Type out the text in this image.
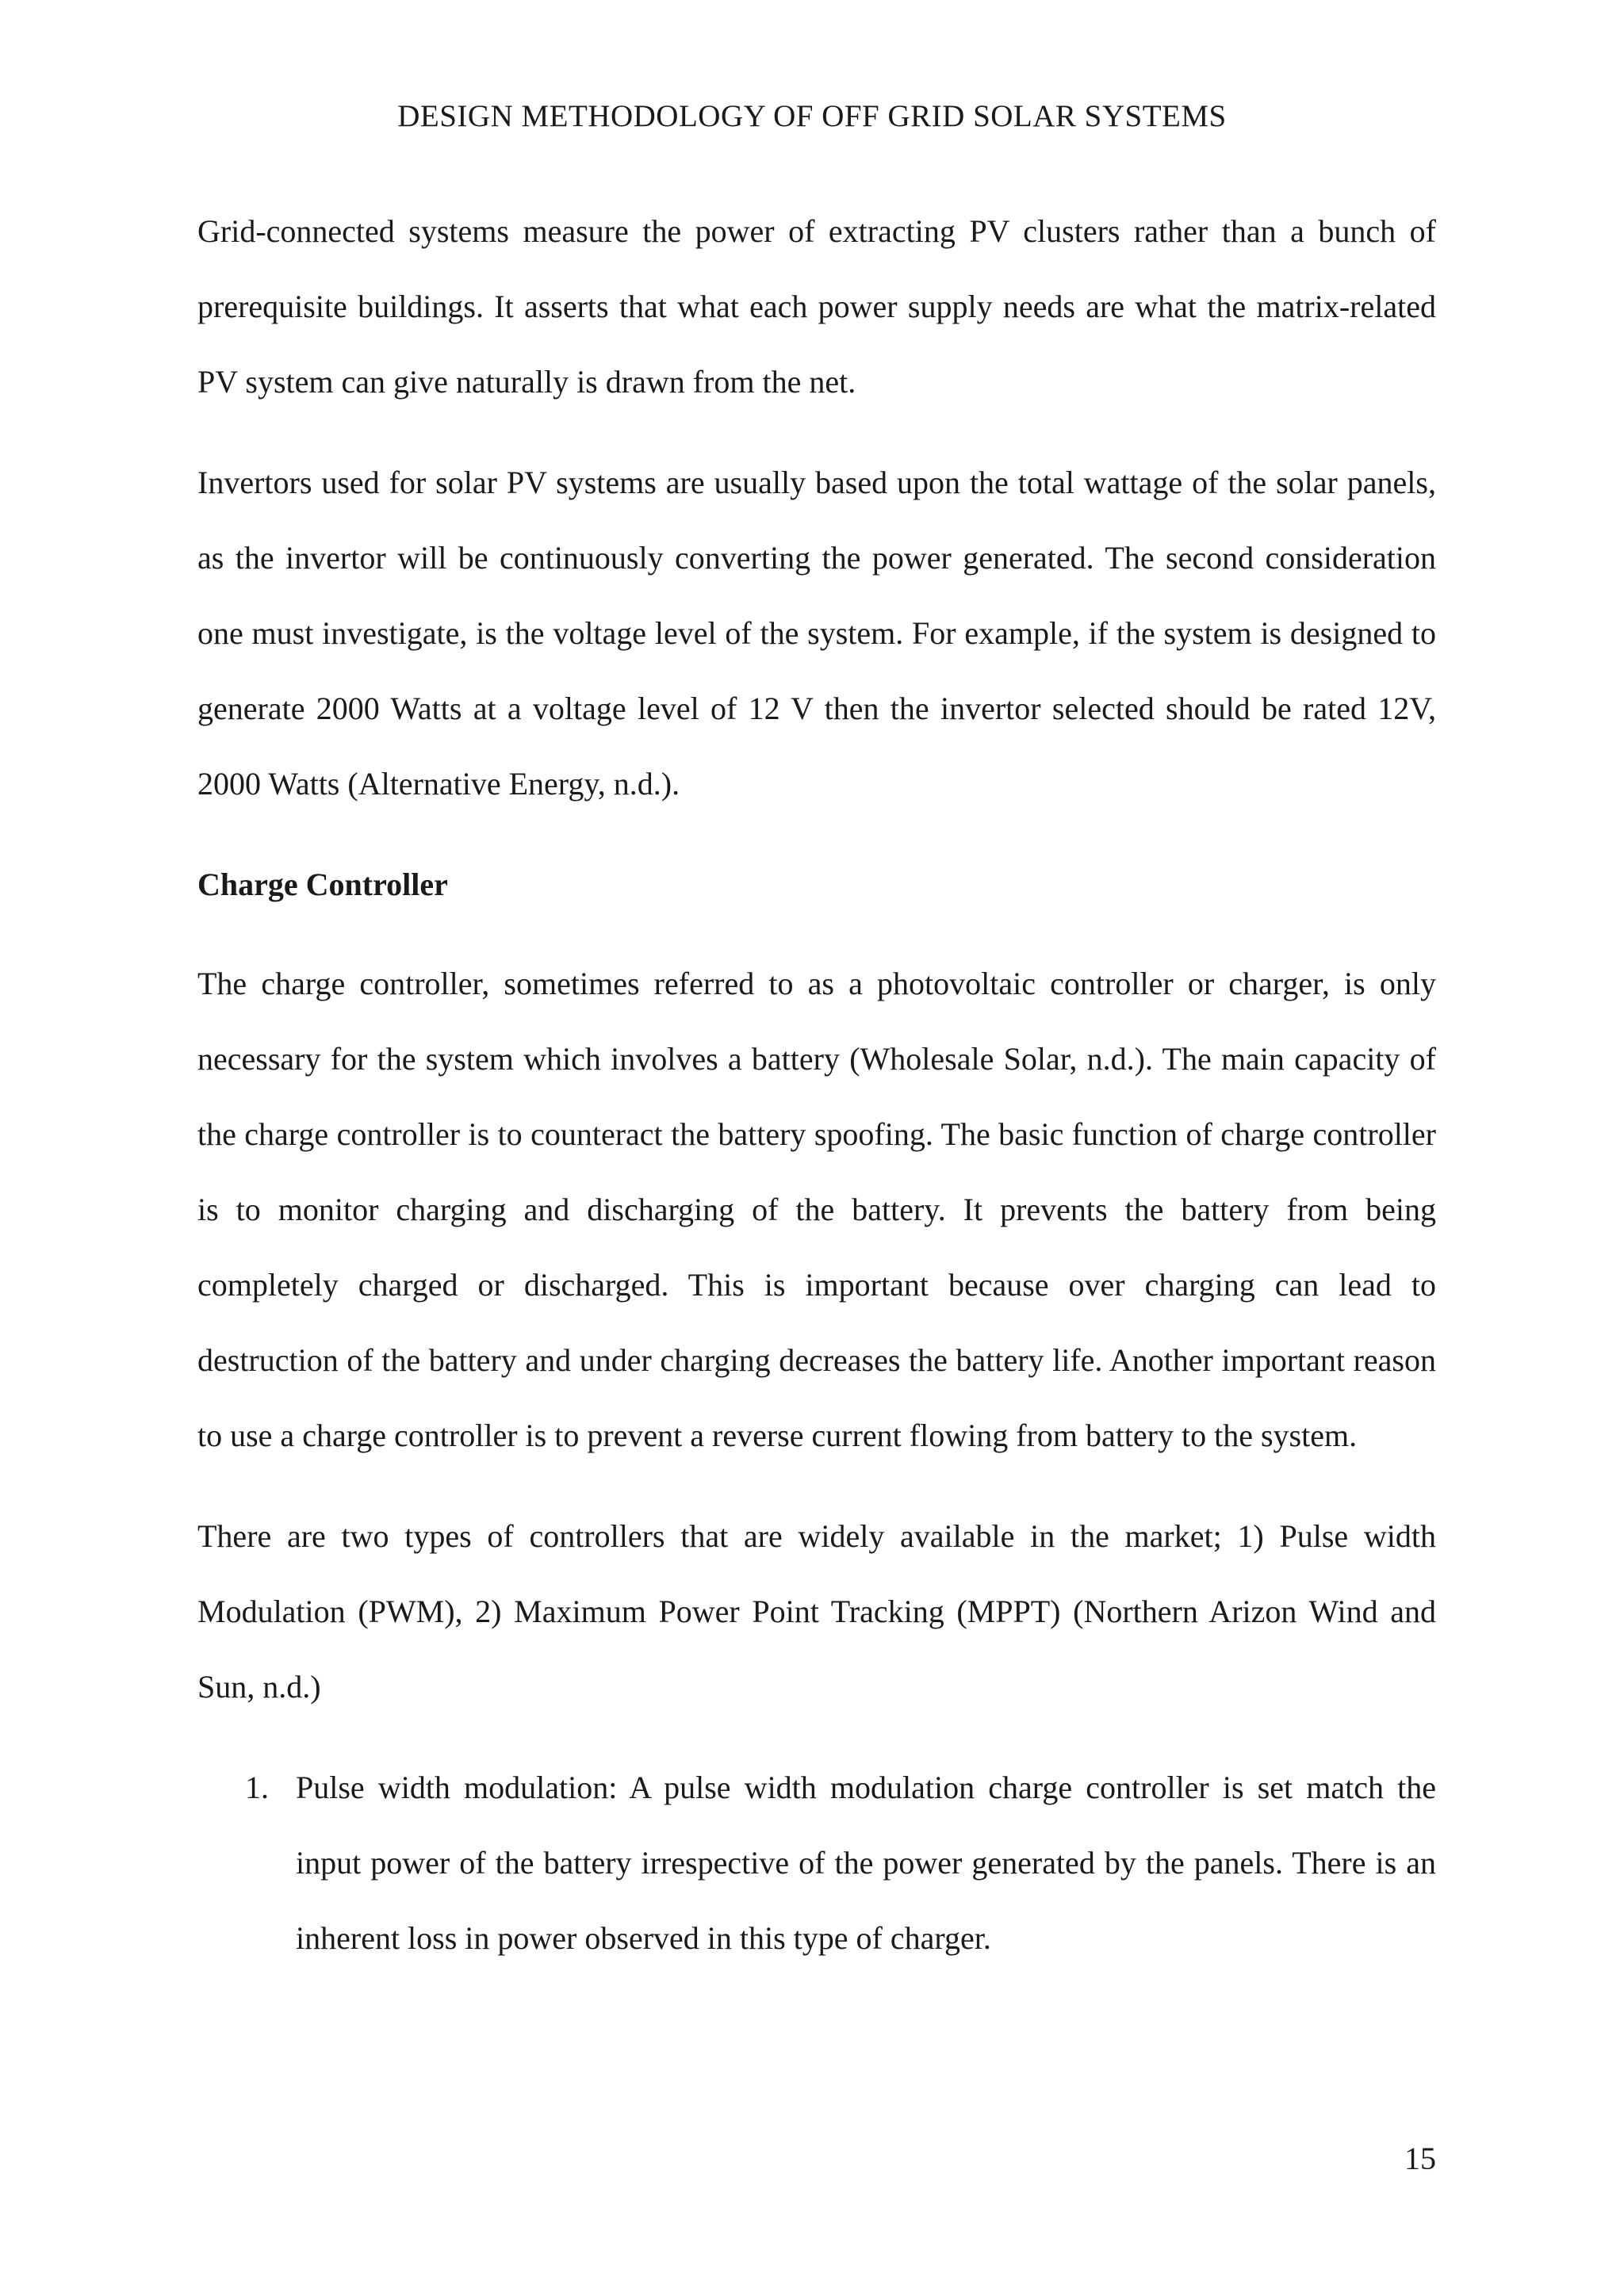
DESIGN METHODOLOGY OF OFF GRID SOLAR SYSTEMS

Grid-connected systems measure the power of extracting PV clusters rather than a bunch of prerequisite buildings. It asserts that what each power supply needs are what the matrix-related PV system can give naturally is drawn from the net.

Invertors used for solar PV systems are usually based upon the total wattage of the solar panels, as the invertor will be continuously converting the power generated. The second consideration one must investigate, is the voltage level of the system. For example, if the system is designed to generate 2000 Watts at a voltage level of 12 V then the invertor selected should be rated 12V, 2000 Watts (Alternative Energy, n.d.).

Charge Controller

The charge controller, sometimes referred to as a photovoltaic controller or charger, is only necessary for the system which involves a battery (Wholesale Solar, n.d.). The main capacity of the charge controller is to counteract the battery spoofing. The basic function of charge controller is to monitor charging and discharging of the battery. It prevents the battery from being completely charged or discharged. This is important because over charging can lead to destruction of the battery and under charging decreases the battery life. Another important reason to use a charge controller is to prevent a reverse current flowing from battery to the system.

There are two types of controllers that are widely available in the market; 1) Pulse width Modulation (PWM), 2) Maximum Power Point Tracking (MPPT) (Northern Arizon Wind and Sun, n.d.)

1. Pulse width modulation: A pulse width modulation charge controller is set match the input power of the battery irrespective of the power generated by the panels. There is an inherent loss in power observed in this type of charger.
15
